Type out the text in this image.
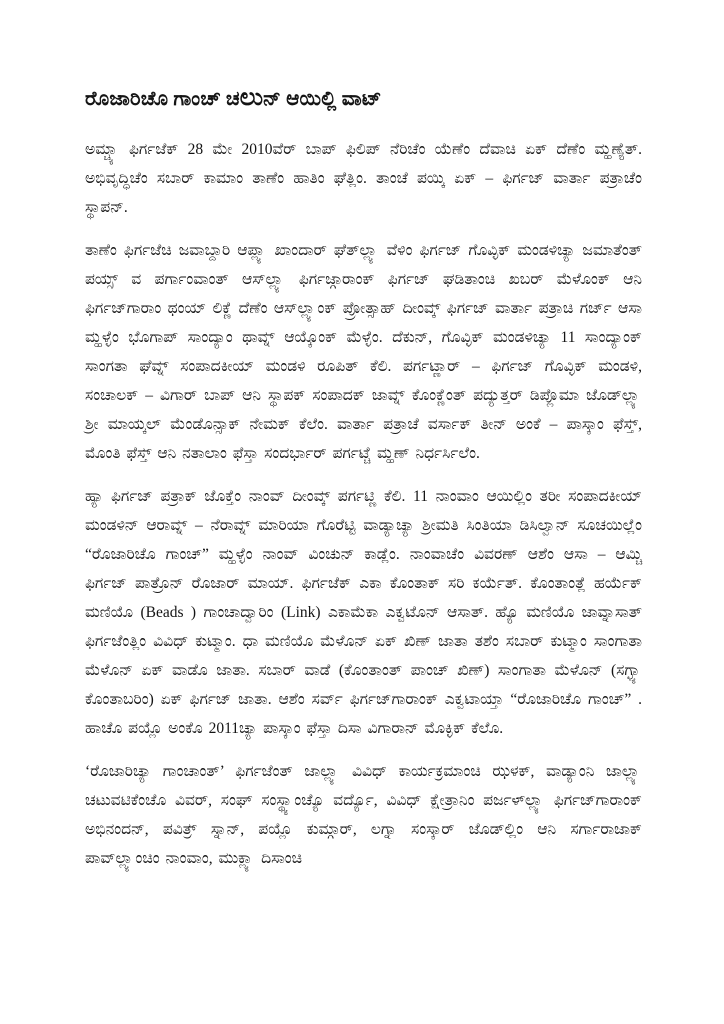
ರೊಜಾರಿಚೊ ಗಾಂಚ್ ಚಲುನ್ ಆಯಿಲ್ಲಿ ವಾಟ್

ಅಮ್ಚ್ಯಾ ಫಿರ್ಗಜೆಕ್ 28 ಮೇ 2010ವೆರ್ ಬಾಪ್ ಫಿಲಿಪ್ ನೆರಿಚೆಂ ಯೆಣೆಂ ದೆವಾಚಿ ಏಕ್ ದೆಣೆಂ ಮ್ಹಣ್ಯೆತ್. ಅಭಿವೃದ್ಧಿಚೆಂ ಸಬಾರ್ ಕಾಮಾಂ ತಾಣೆಂ ಹಾತಿಂ ಘೆತ್ಲಿಂ. ತಾಂಚೆ ಪಯ್ಕಿ ಏಕ್ – ಫಿರ್ಗಜ್ ವಾರ್ತಾ ಪತ್ರಾಚೆಂ ಸ್ಥಾಪನ್.

ತಾಣೆಂ ಫಿರ್ಗಜೆಚಿ ಜವಾಬ್ದಾರಿ ಆಪ್ಲ್ಯಾ ಖಾಂದಾರ್ ಘೆತ್‌ಲ್ಲ್ಯಾ ವೆಳಿಂ ಫಿರ್ಗಜ್ ಗೊವ್ಳಿಕ್ ಮಂಡಳಿಚ್ಯಾ ಜಮಾತೆಂತ್ ಪಯ್ಸ್ ವ ಪರ್ಗಾಂವಾಂತ್ ಆಸ್‌ಲ್ಲ್ಯಾ ಫಿರ್ಗಜ್ಗಾರಾಂಕ್ ಫಿರ್ಗಜ್ ಘಡಿತಾಂಚಿ ಖಬರ್ ಮೆಳೊಂಕ್ ಆನಿ ಫಿರ್ಗಜ್‌ಗಾರಾಂ ಥಂಯ್ ಲಿಕ್ಣೆ ದೆಣೆಂ ಆಸ್‌ಲ್ಲ್ಯಾಂಕ್ ಪ್ರೋತ್ಸಾಹ್ ದೀಂವ್ಕ್ ಫಿರ್ಗಜ್ ವಾರ್ತಾ ಪತ್ರಾಚಿ ಗರ್ಜ್ ಆಸಾ ಮ್ಹಳ್ಳೆಂ ಭೊಗಾಪ್ ಸಾಂದ್ಯಾಂ ಥಾವ್ನ್ ಆಯ್ಕೊಂಕ್ ಮೆಳ್ಳೆಂ. ದೆಕುನ್, ಗೊವ್ಳಿಕ್ ಮಂಡಳಿಚ್ಯಾ 11 ಸಾಂದ್ಯಾಂಕ್ ಸಾಂಗತಾ ಘೆವ್ನ್ ಸಂಪಾದಕೀಯ್ ಮಂಡಳಿ ರೂಪಿತ್ ಕೆಲಿ. ಪರ್ಗಟ್ಣಾರ್ – ಫಿರ್ಗಜ್ ಗೊವ್ಳಿಕ್ ಮಂಡಳಿ, ಸಂಚಾಲಕ್ – ವಿಗಾರ್ ಬಾಪ್ ಆನಿ ಸ್ಥಾಪಕ್ ಸಂಪಾದಕ್ ಜಾವ್ನ್ ಕೊಂಕ್ಣೆಂತ್ ಪದ್ಯುತ್ತರ್ ಡಿಪ್ಲೊಮಾ ಜೊಡ್‌ಲ್ಲ್ಯಾ ಶ್ರೀ ಮಾಯ್ಕಲ್ ಮೆಂಡೊನ್ಸಾಕ್ ನೇಮಕ್ ಕೆಲೆಂ. ವಾರ್ತಾ ಪತ್ರಾಚೆ ವರ್ಸಾಕ್ ತೀನ್ ಅಂಕೆ – ಪಾಸ್ಕಾಂ ಫೆಸ್ತ್, ಮೊಂತಿ ಫೆಸ್ತ್ ಆನಿ ನತಾಲಾಂ ಫೆಸ್ತಾ ಸಂದರ್ಭಾರ್ ಪರ್ಗಟ್ಚೆ ಮ್ಹಣ್ ನಿರ್ಧರ್ಸಿಲೆಂ.

ಹ್ಯಾ ಫಿರ್ಗಜ್ ಪತ್ರಾಕ್ ಜೊಕ್ತೆಂ ನಾಂವ್ ದೀಂವ್ಕ್ ಪರ್ಗಟ್ಣಿ ಕೆಲಿ. 11 ನಾಂವಾಂ ಆಯಿಲ್ಲಿಂ ತರೀ ಸಂಪಾದಕೀಯ್ ಮಂಡಳಿನ್ ಆರಾವ್ನ್ – ನೆರಾವ್ನ್ ಮಾರಿಯಾ ಗೊರೆಟ್ಟಿ ವಾಡ್ಯಾಚ್ಯಾ ಶ್ರೀಮತಿ ಸಿಂತಿಯಾ ಡಿಸಿಲ್ವಾನ್ ಸೂಚಯಿಲ್ಲೆಂ “ರೊಜಾರಿಚೊ ಗಾಂಚ್” ಮ್ಹಳ್ಳೆಂ ನಾಂವ್ ವಿಂಚುನ್ ಕಾಡ್ಲೆಂ. ನಾಂವಾಚೆಂ ವಿವರಣ್ ಆಶೆಂ ಆಸಾ – ಆಮ್ಚಿ ಫಿರ್ಗಜ್ ಪಾತ್ರೊನ್ ರೊಜಾರ್ ಮಾಯ್. ಫಿರ್ಗಜೆಕ್ ಎಕಾ ಕೊಂತಾಕ್ ಸರಿ ಕರ್ಯೆತ್. ಕೊಂತಾಂತ್ಲೆ ಹರ್ಯೆಕ್ ಮಣಿಯೊ (Beads ) ಗಾಂಚಾದ್ವಾರಿಂ (Link) ಎಕಾಮೆಕಾ ಎಕ್ವಟೊನ್ ಆಸಾತ್. ಹ್ಯೊ ಮಣಿಯೊ ಜಾವ್ನಾಸಾತ್ ಫಿರ್ಗಜೆಂತ್ಲಿಂ ವಿವಿಧ್ ಕುಟ್ಮಾಂ. ಧಾ ಮಣಿಯೊ ಮೆಳೊನ್ ಏಕ್ ಖಿಣ್ ಜಾತಾ ತಶೆಂ ಸಬಾರ್ ಕುಟ್ಮಾಂ ಸಾಂಗಾತಾ ಮೆಳೊನ್ ಏಕ್ ವಾಡೊ ಜಾತಾ. ಸಬಾರ್ ವಾಡೆ (ಕೊಂತಾಂತ್ ಪಾಂಚ್ ಖಿಣ್) ಸಾಂಗಾತಾ ಮೆಳೊನ್ (ಸಗ್ಳ್ಯಾ ಕೊಂತಾಬರಿಂ) ಏಕ್ ಫಿರ್ಗಜ್ ಜಾತಾ. ಆಶೆಂ ಸರ್ವ್ ಫಿರ್ಗಜ್‌ಗಾರಾಂಕ್ ಎಕ್ವಟಾಯ್ತಾ “ರೊಜಾರಿಚೊ ಗಾಂಚ್” . ಹಾಚೊ ಪಯ್ಲೊ ಅಂಕೊ 2011ಚ್ಯಾ ಪಾಸ್ಕಾಂ ಫೆಸ್ತಾ ದಿಸಾ ವಿಗಾರಾನ್ ಮೊಕ್ಳಿಕ್ ಕೆಲೊ.

‘ರೊಜಾರಿಚ್ಯಾ ಗಾಂಚಾಂತ್’ ಫಿರ್ಗಜೆಂತ್ ಜಾಲ್ಲ್ಯಾ ವಿವಿಧ್ ಕಾರ್ಯಕ್ರಮಾಂಚಿ ಝಳಕ್, ವಾಡ್ಯಾಂನಿ ಜಾಲ್ಲ್ಯಾ ಚಟುವಟಿಕೆಂಚೊ ವಿವರ್, ಸಂಘ್ ಸಂಸ್ಥ್ಯಾಂಚ್ಯೊ ವರ್ದ್ಯೊ, ವಿವಿಧ್ ಕ್ಷೇತ್ರಾನಿಂ ಪರ್ಜಳ್‌ಲ್ಲ್ಯಾ ಫಿರ್ಗಜ್‌ಗಾರಾಂಕ್ ಅಭಿನಂದನ್, ಪವಿತ್ರ್ ಸ್ನಾನ್, ಪಯ್ಲೊ ಕುಮ್ಗಾರ್, ಲಗ್ನಾ ಸಂಸ್ಕಾರ್ ಜೊಡ್‌ಲ್ಲಿಂ ಆನಿ ಸರ್ಗಾರಾಜಾಕ್ ಪಾವ್‌ಲ್ಲ್ಯಾಂಚಿಂ ನಾಂವಾಂ, ಮುಕ್ಲ್ಯಾ ದಿಸಾಂಚಿ
